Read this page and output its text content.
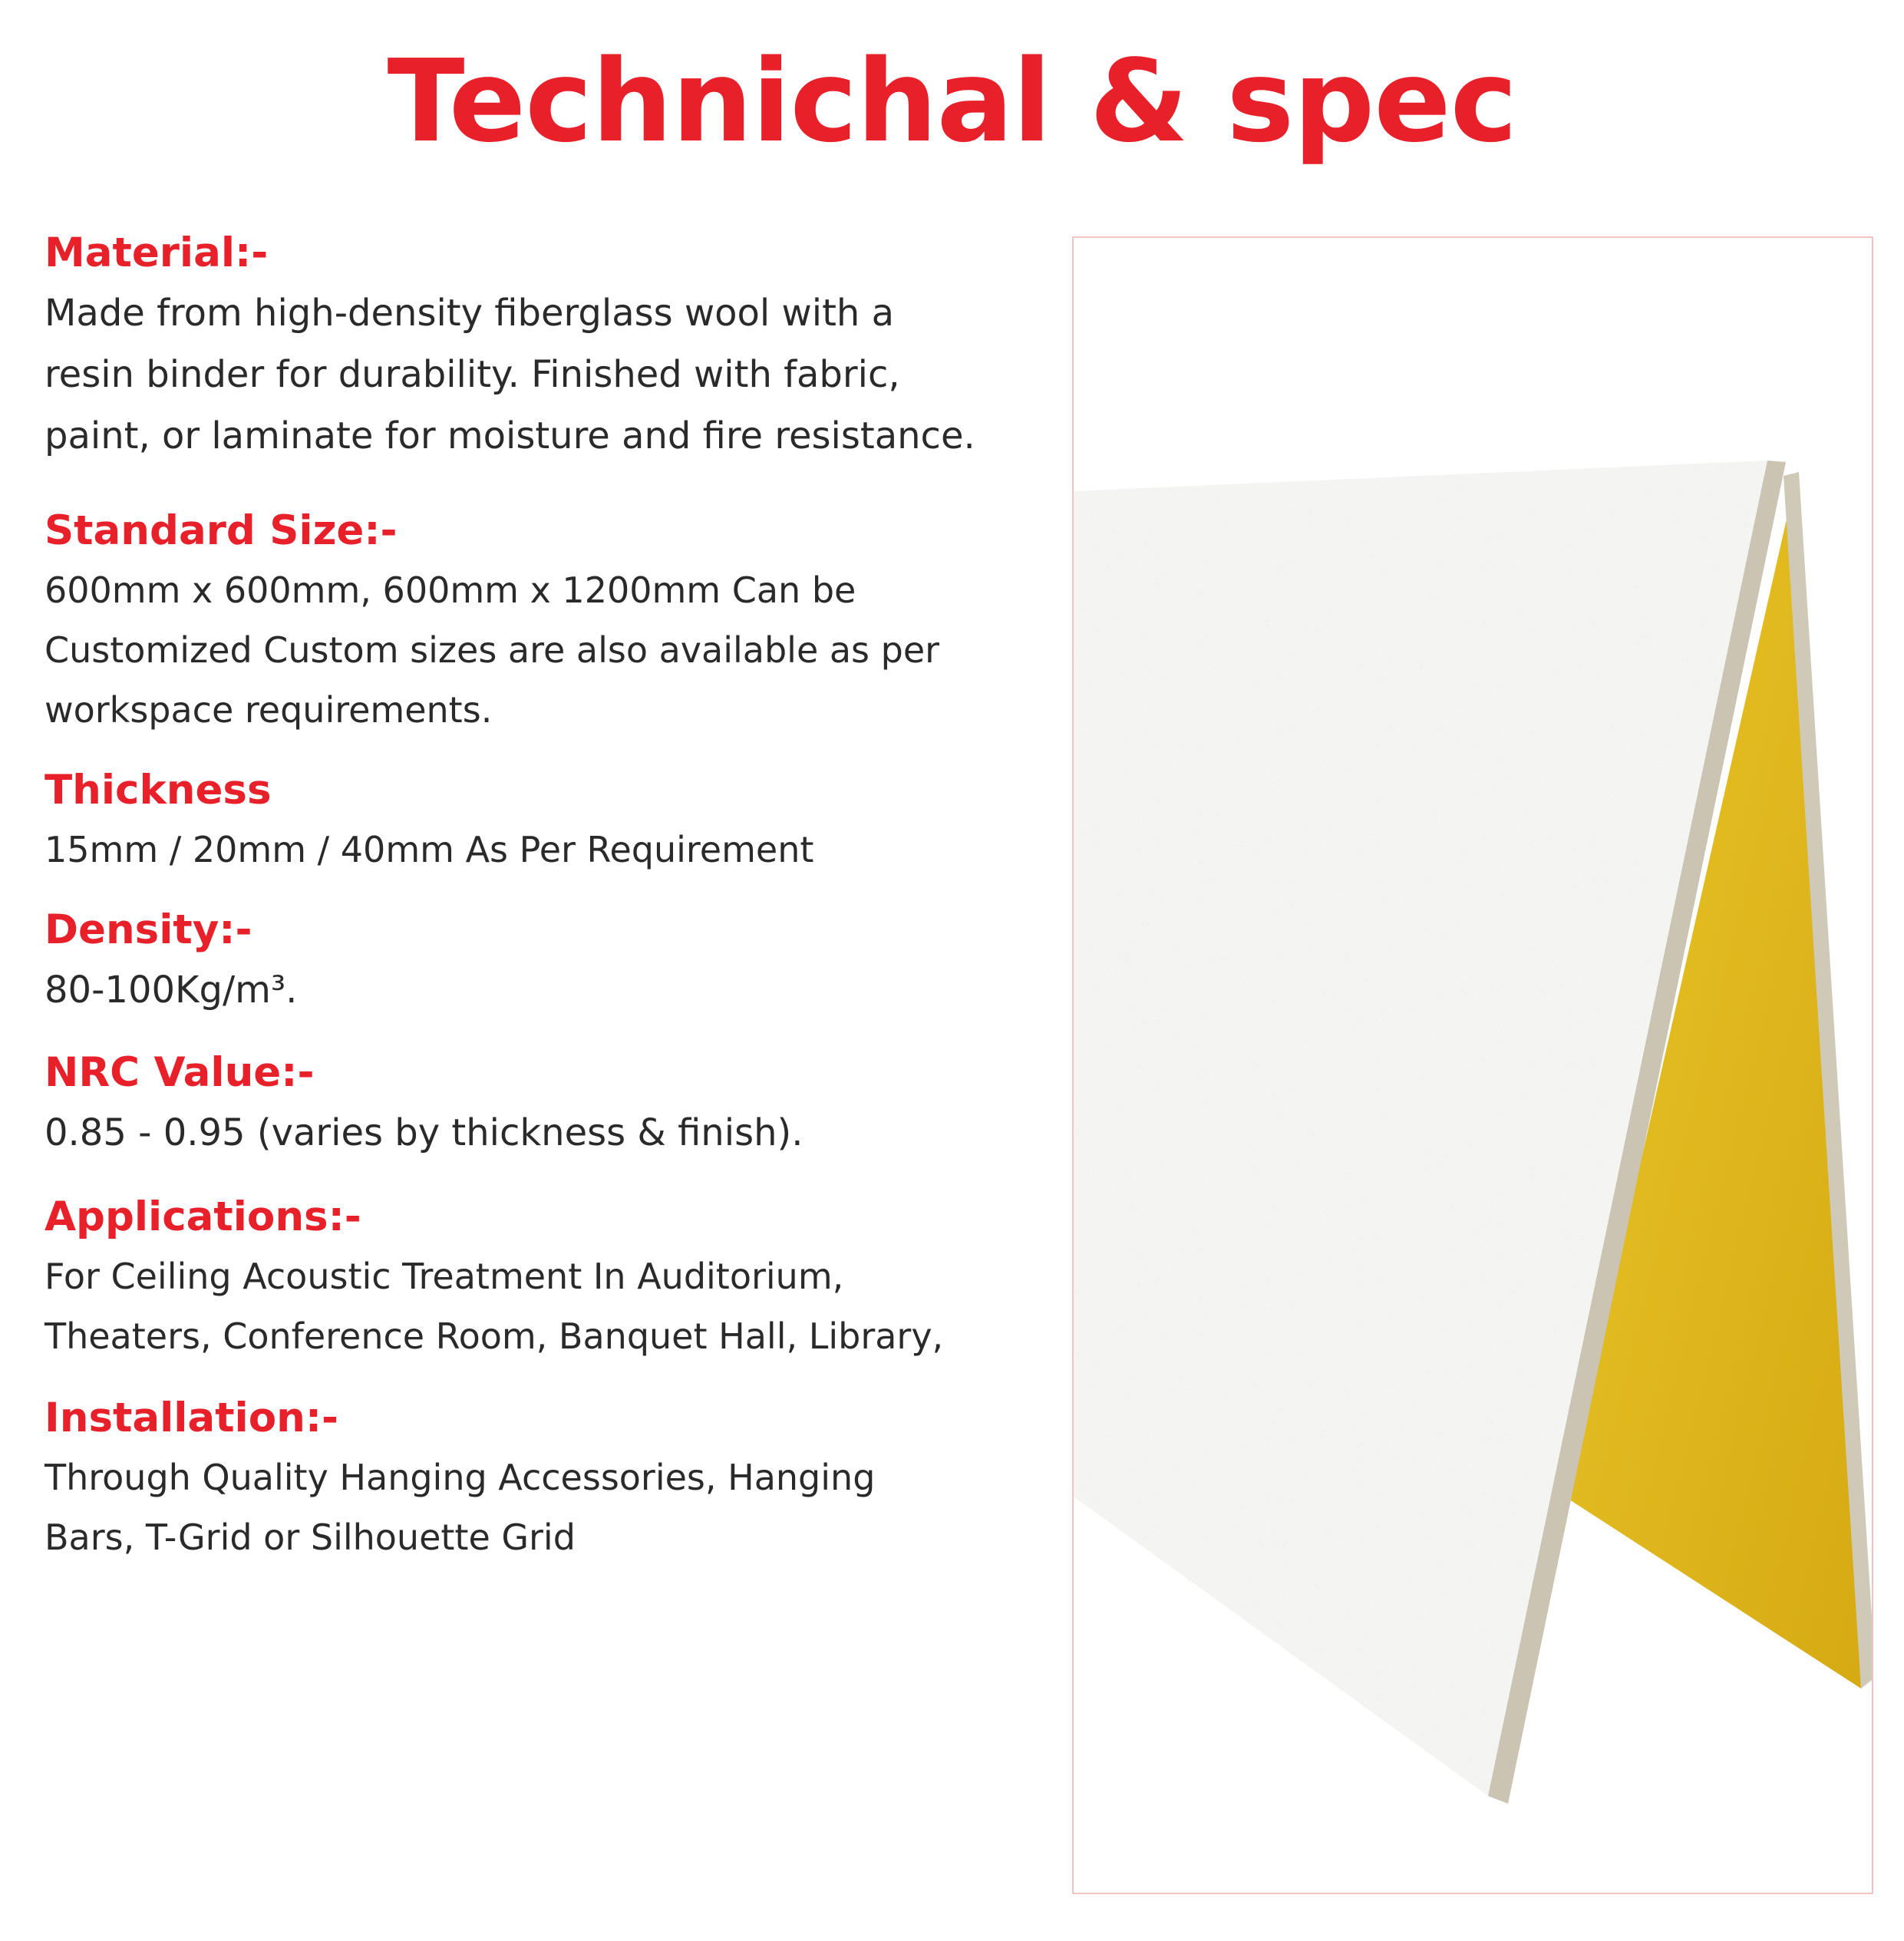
Technichal & spec
Material:-
Made from high-density fiberglass wool with a
resin binder for durability. Finished with fabric,
paint, or laminate for moisture and fire resistance.
Standard Size:-
600mm x 600mm, 600mm x 1200mm Can be
Customized Custom sizes are also available as per
workspace requirements.
Thickness
15mm / 20mm / 40mm As Per Requirement
Density:-
80-100Kg/m³.
NRC Value:-
0.85 - 0.95 (varies by thickness & finish).
Applications:-
For Ceiling Acoustic Treatment In Auditorium,
Theaters, Conference Room, Banquet Hall, Library,
Installation:-
Through Quality Hanging Accessories, Hanging
Bars, T-Grid or Silhouette Grid
